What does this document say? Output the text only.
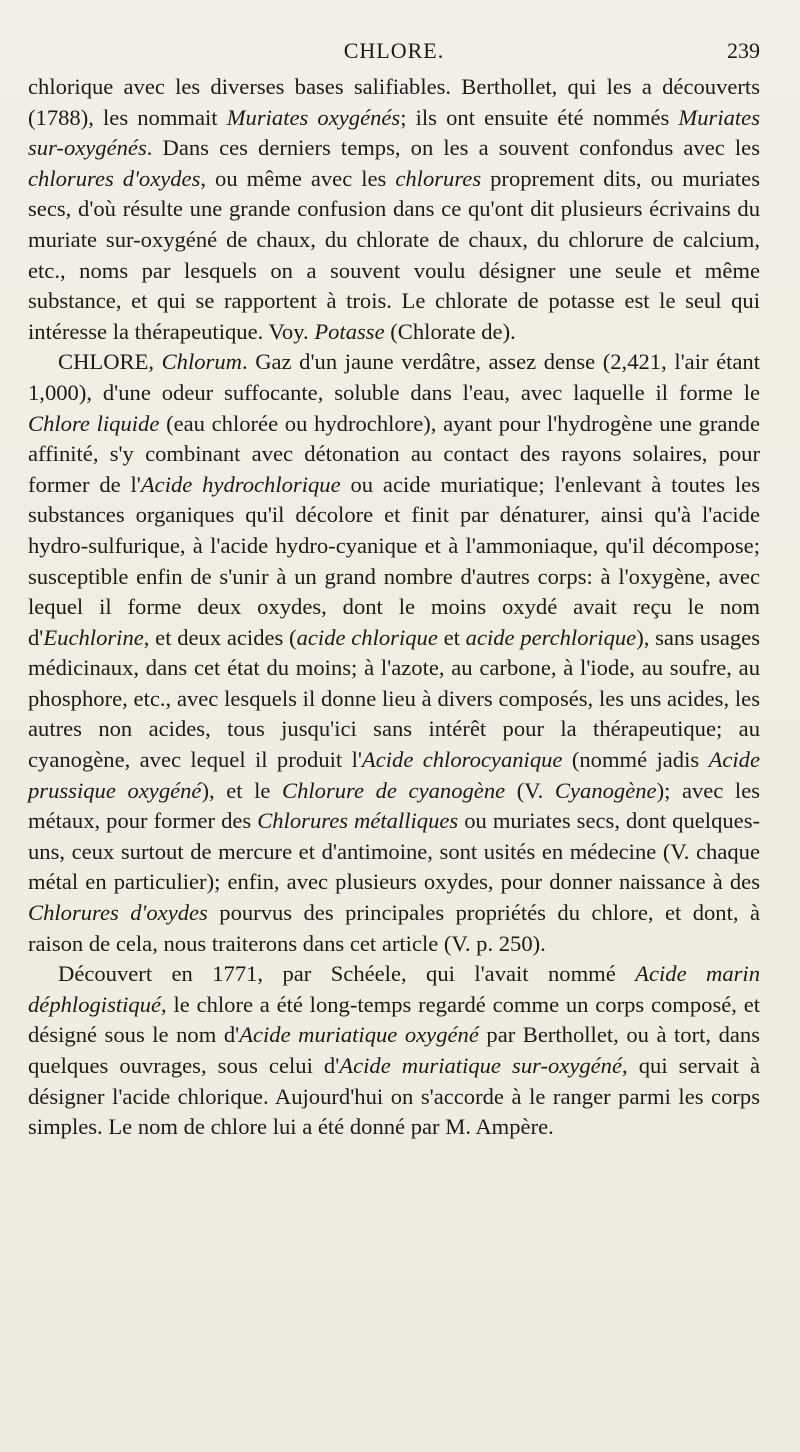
CHLORE.	239

chlorique avec les diverses bases salifiables. Berthollet, qui les a découverts (1788), les nommait Muriates oxygénés; ils ont ensuite été nommés Muriates sur-oxygénés. Dans ces derniers temps, on les a souvent confondus avec les chlorures d'oxydes, ou même avec les chlorures proprement dits, ou muriates secs, d'où résulte une grande confusion dans ce qu'ont dit plusieurs écrivains du muriate sur-oxygéné de chaux, du chlorate de chaux, du chlorure de calcium, etc., noms par lesquels on a souvent voulu désigner une seule et même substance, et qui se rapportent à trois. Le chlorate de potasse est le seul qui intéresse la thérapeutique. Voy. Potasse (Chlorate de).

CHLORE, Chlorum. Gaz d'un jaune verdâtre, assez dense (2,421, l'air étant 1,000), d'une odeur suffocante, soluble dans l'eau, avec laquelle il forme le Chlore liquide (eau chlorée ou hydrochlore), ayant pour l'hydrogène une grande affinité, s'y combinant avec détonation au contact des rayons solaires, pour former de l'Acide hydrochlorique ou acide muriatique; l'enlevant à toutes les substances organiques qu'il décolore et finit par dénaturer, ainsi qu'à l'acide hydro-sulfurique, à l'acide hydro-cyanique et à l'ammoniaque, qu'il décompose; susceptible enfin de s'unir à un grand nombre d'autres corps: à l'oxygène, avec lequel il forme deux oxydes, dont le moins oxydé avait reçu le nom d'Euchlorine, et deux acides (acide chlorique et acide perchlorique), sans usages médicinaux, dans cet état du moins; à l'azote, au carbone, à l'iode, au soufre, au phosphore, etc., avec lesquels il donne lieu à divers composés, les uns acides, les autres non acides, tous jusqu'ici sans intérêt pour la thérapeutique; au cyanogène, avec lequel il produit l'Acide chlorocyanique (nommé jadis Acide prussique oxygéné), et le Chlorure de cyanogène (V. Cyanogène); avec les métaux, pour former des Chlorures métalliques ou muriates secs, dont quelques-uns, ceux surtout de mercure et d'antimoine, sont usités en médecine (V. chaque métal en particulier); enfin, avec plusieurs oxydes, pour donner naissance à des Chlorures d'oxydes pourvus des principales propriétés du chlore, et dont, à raison de cela, nous traiterons dans cet article (V. p. 250).

Découvert en 1771, par Schéele, qui l'avait nommé Acide marin déphlogistiqué, le chlore a été long-temps regardé comme un corps composé, et désigné sous le nom d'Acide muriatique oxygéné par Berthollet, ou à tort, dans quelques ouvrages, sous celui d'Acide muriatique sur-oxygéné, qui servait à désigner l'acide chlorique. Aujourd'hui on s'accorde à le ranger parmi les corps simples. Le nom de chlore lui a été donné par M. Ampère.
